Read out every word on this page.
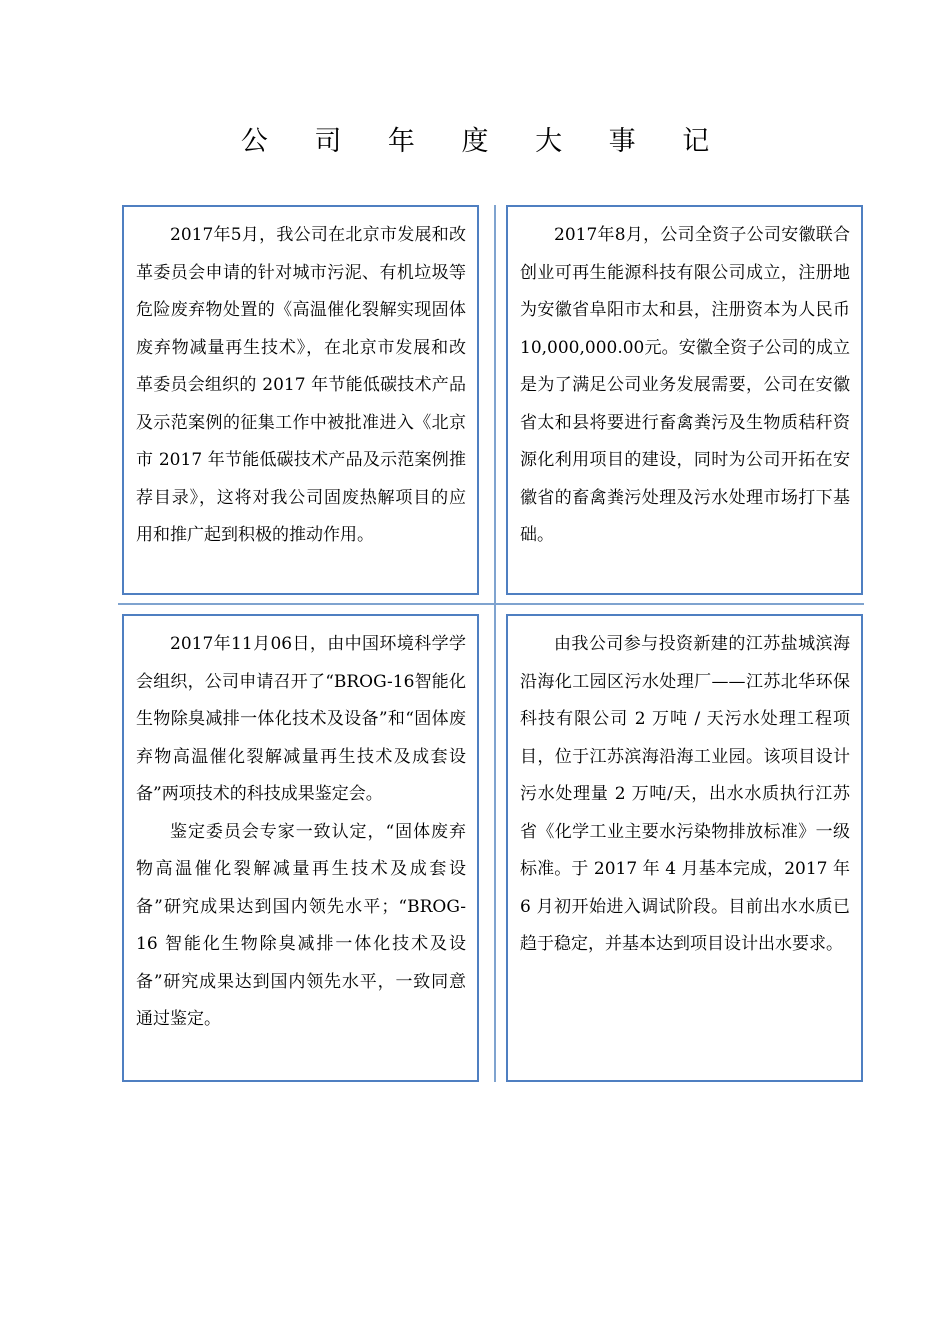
公 司 年 度 大 事 记

2017年5月，我公司在北京市发展和改革委员会申请的针对城市污泥、有机垃圾等危险废弃物处置的《高温催化裂解实现固体废弃物减量再生技术》，在北京市发展和改革委员会组织的 2017 年节能低碳技术产品及示范案例的征集工作中被批准进入《北京市 2017 年节能低碳技术产品及示范案例推荐目录》，这将对我公司固废热解项目的应用和推广起到积极的推动作用。

2017年8月，公司全资子公司安徽联合创业可再生能源科技有限公司成立，注册地为安徽省阜阳市太和县，注册资本为人民币 10,000,000.00元。安徽全资子公司的成立是为了满足公司业务发展需要，公司在安徽省太和县将要进行畜禽粪污及生物质秸秆资源化利用项目的建设，同时为公司开拓在安徽省的畜禽粪污处理及污水处理市场打下基础。

2017年11月06日，由中国环境科学学会组织，公司申请召开了“BROG-16智能化生物除臭减排一体化技术及设备”和“固体废弃物高温催化裂解减量再生技术及成套设备”两项技术的科技成果鉴定会。

鉴定委员会专家一致认定，“固体废弃物高温催化裂解减量再生技术及成套设备”研究成果达到国内领先水平；“BROG-16 智能化生物除臭减排一体化技术及设备”研究成果达到国内领先水平，一致同意通过鉴定。

由我公司参与投资新建的江苏盐城滨海沿海化工园区污水处理厂——江苏北华环保科技有限公司 2 万吨 / 天污水处理工程项目，位于江苏滨海沿海工业园。该项目设计污水处理量 2 万吨/天，出水水质执行江苏省《化学工业主要水污染物排放标准》一级标准。于 2017 年 4 月基本完成，2017 年 6 月初开始进入调试阶段。目前出水水质已趋于稳定，并基本达到项目设计出水要求。
